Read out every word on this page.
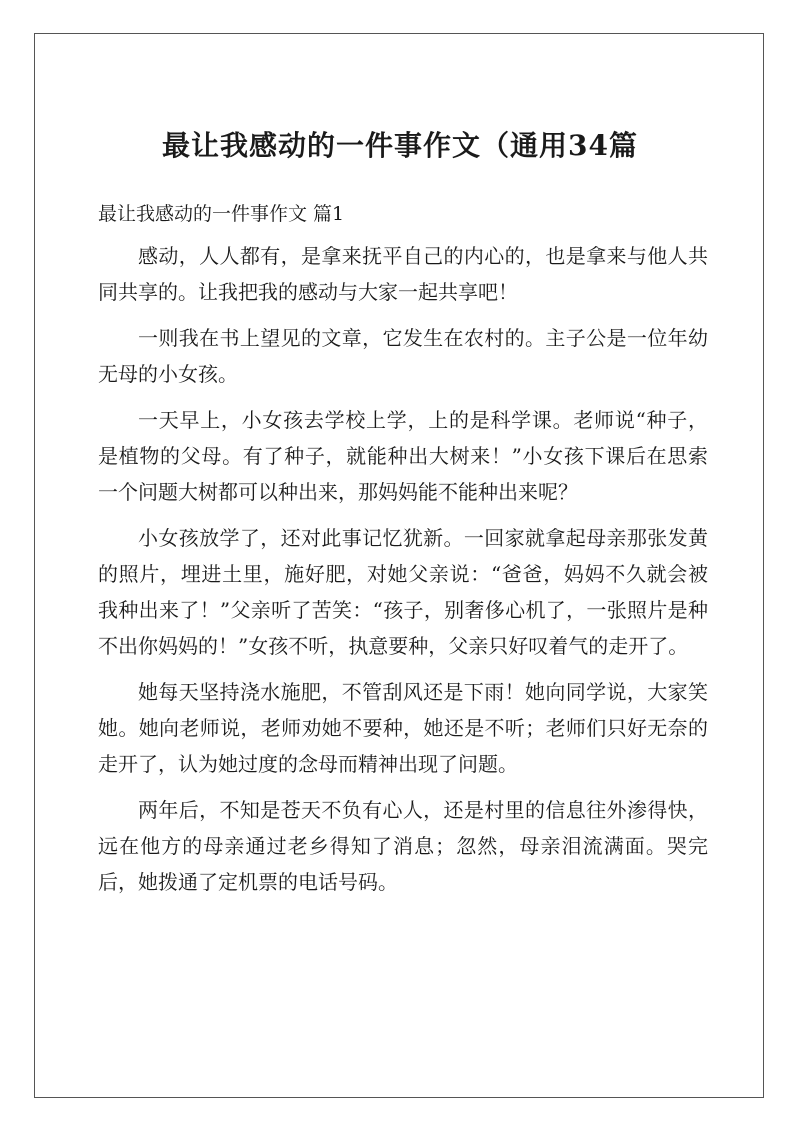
最让我感动的一件事作文（通用34篇
最让我感动的一件事作文 篇1

感动，人人都有，是拿来抚平自己的内心的，也是拿来与他人共同共享的。让我把我的感动与大家一起共享吧！

一则我在书上望见的文章，它发生在农村的。主子公是一位年幼无母的小女孩。

一天早上，小女孩去学校上学，上的是科学课。老师说“种子，是植物的父母。有了种子，就能种出大树来！”小女孩下课后在思索一个问题大树都可以种出来，那妈妈能不能种出来呢？

小女孩放学了，还对此事记忆犹新。一回家就拿起母亲那张发黄的照片，埋进土里，施好肥，对她父亲说：“爸爸，妈妈不久就会被我种出来了！”父亲听了苦笑：“孩子，别奢侈心机了，一张照片是种不出你妈妈的！”女孩不听，执意要种，父亲只好叹着气的走开了。

她每天坚持浇水施肥，不管刮风还是下雨！她向同学说，大家笑她。她向老师说，老师劝她不要种，她还是不听；老师们只好无奈的走开了，认为她过度的念母而精神出现了问题。

两年后，不知是苍天不负有心人，还是村里的信息往外渗得快，远在他方的母亲通过老乡得知了消息；忽然，母亲泪流满面。哭完后，她拨通了定机票的电话号码。
